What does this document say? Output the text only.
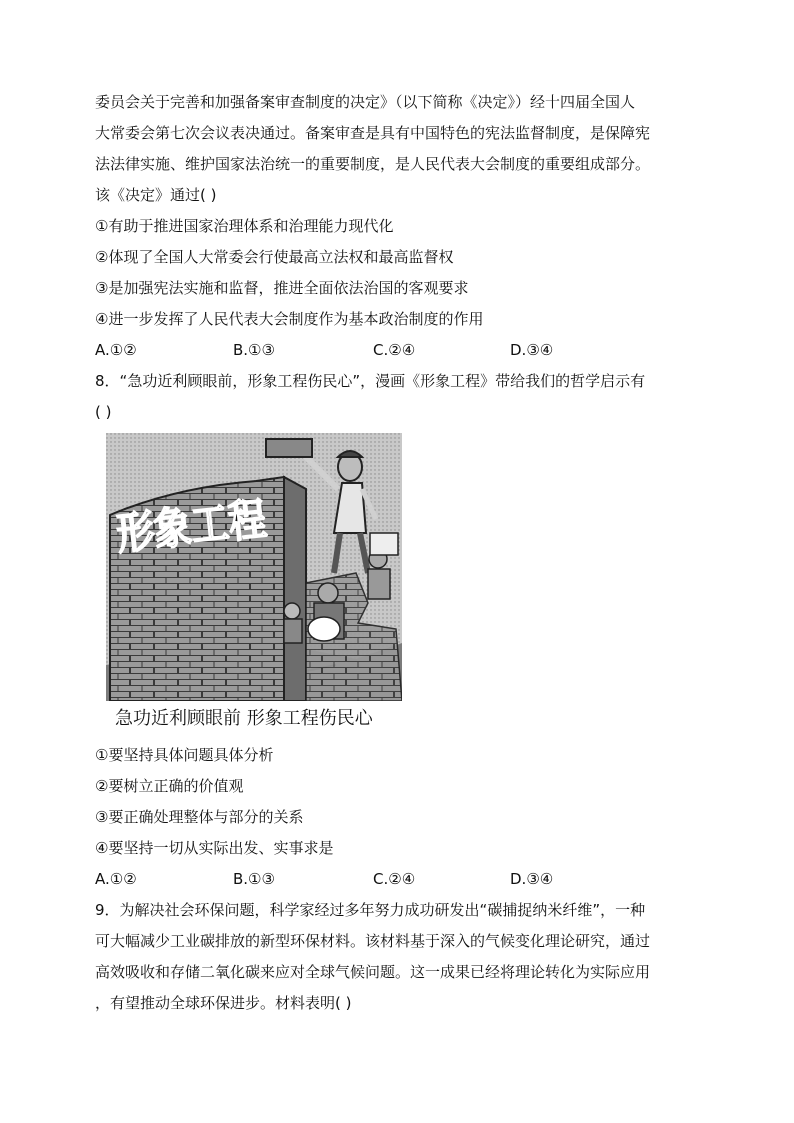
委员会关于完善和加强备案审查制度的决定》（以下简称《决定》）经十四届全国人

大常委会第七次会议表决通过。备案审查是具有中国特色的宪法监督制度，是保障宪

法法律实施、维护国家法治统一的重要制度，是人民代表大会制度的重要组成部分。

该《决定》通过( )

①有助于推进国家治理体系和治理能力现代化

②体现了全国人大常委会行使最高立法权和最高监督权

③是加强宪法实施和监督，推进全面依法治国的客观要求

④进一步发挥了人民代表大会制度作为基本政治制度的作用

A.①②	B.①③	C.②④	D.③④

8．“急功近利顾眼前，形象工程伤民心”，漫画《形象工程》带给我们的哲学启示有

( )

形象工程

急功近利顾眼前 形象工程伤民心

①要坚持具体问题具体分析

②要树立正确的价值观

③要正确处理整体与部分的关系

④要坚持一切从实际出发、实事求是

A.①②	B.①③	C.②④	D.③④

9．为解决社会环保问题，科学家经过多年努力成功研发出“碳捕捉纳米纤维”，一种

可大幅减少工业碳排放的新型环保材料。该材料基于深入的气候变化理论研究，通过

高效吸收和存储二氧化碳来应对全球气候问题。这一成果已经将理论转化为实际应用

，有望推动全球环保进步。材料表明( )
